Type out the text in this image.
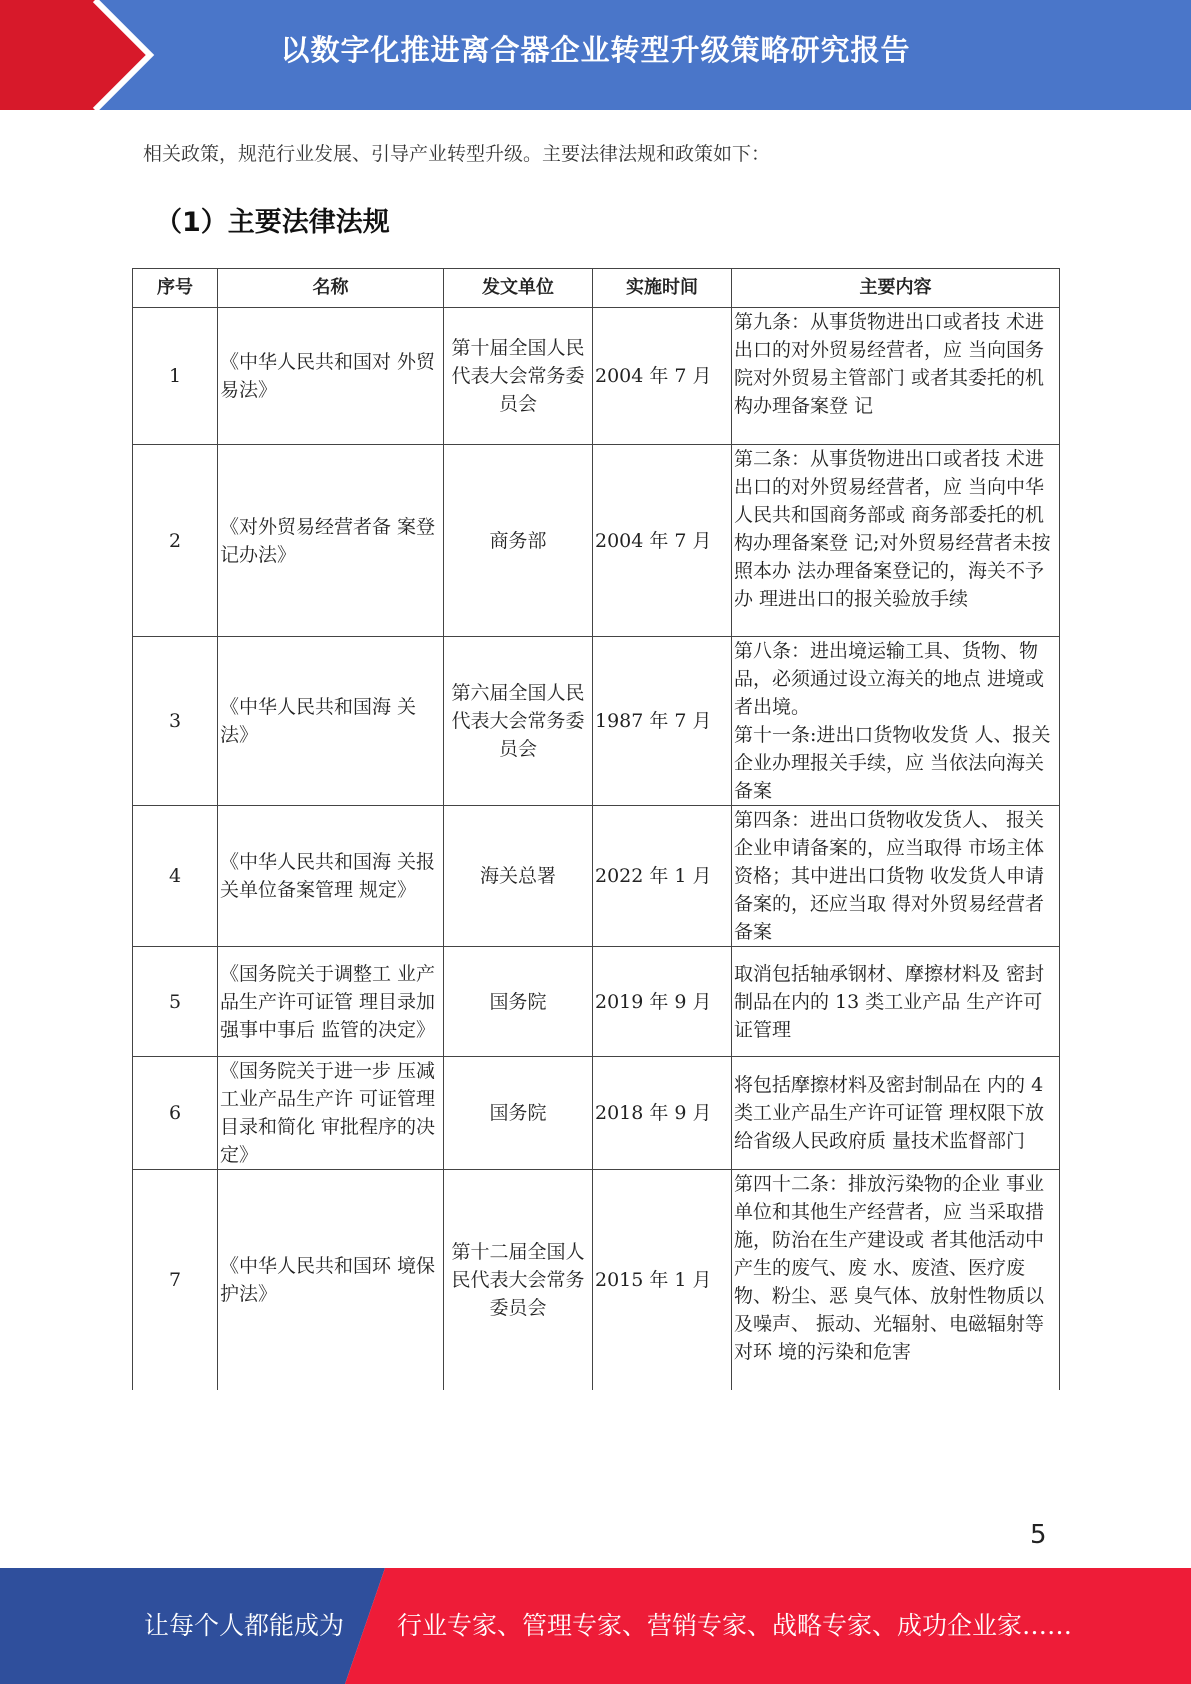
以数字化推进离合器企业转型升级策略研究报告
相关政策，规范行业发展、引导产业转型升级。主要法律法规和政策如下：
（1）主要法律法规
序号	名称	发文单位	实施时间	主要内容
1	《中华人民共和国对 外贸易法》	第十届全国人民代表大会常务委员会	2004 年 7 月	第九条：从事货物进出口或者技 术进出口的对外贸易经营者，应 当向国务院对外贸易主管部门 或者其委托的机构办理备案登 记
2	《对外贸易经营者备 案登记办法》	商务部	2004 年 7 月	第二条：从事货物进出口或者技 术进出口的对外贸易经营者，应 当向中华人民共和国商务部或 商务部委托的机构办理备案登 记;对外贸易经营者未按照本办 法办理备案登记的，海关不予办 理进出口的报关验放手续
3	《中华人民共和国海 关法》	第六届全国人民代表大会常务委员会	1987 年 7 月	第八条：进出境运输工具、货物、物品，必须通过设立海关的地点 进境或者出境。
第十一条:进出口货物收发货 人、报关企业办理报关手续，应 当依法向海关备案

4	《中华人民共和国海 关报关单位备案管理 规定》	海关总署	2022 年 1 月	第四条：进出口货物收发货人、 报关企业申请备案的，应当取得 市场主体资格；其中进出口货物 收发货人申请备案的，还应当取 得对外贸易经营者备案
5	《国务院关于调整工 业产品生产许可证管 理目录加强事中事后 监管的决定》	国务院	2019 年 9 月	取消包括轴承钢材、摩擦材料及 密封制品在内的 13 类工业产品 生产许可证管理
6	《国务院关于进一步 压减工业产品生产许 可证管理目录和简化 审批程序的决定》	国务院	2018 年 9 月	将包括摩擦材料及密封制品在 内的 4 类工业产品生产许可证管 理权限下放给省级人民政府质 量技术监督部门
7	《中华人民共和国环 境保护法》	第十二届全国人民代表大会常务委员会	2015 年 1 月	第四十二条：排放污染物的企业 事业单位和其他生产经营者，应 当采取措施，防治在生产建设或 者其他活动中产生的废气、废 水、废渣、医疗废物、粉尘、恶 臭气体、放射性物质以及噪声、 振动、光辐射、电磁辐射等对环 境的污染和危害
5
让每个人都能成为 行业专家、管理专家、营销专家、战略专家、成功企业家……
